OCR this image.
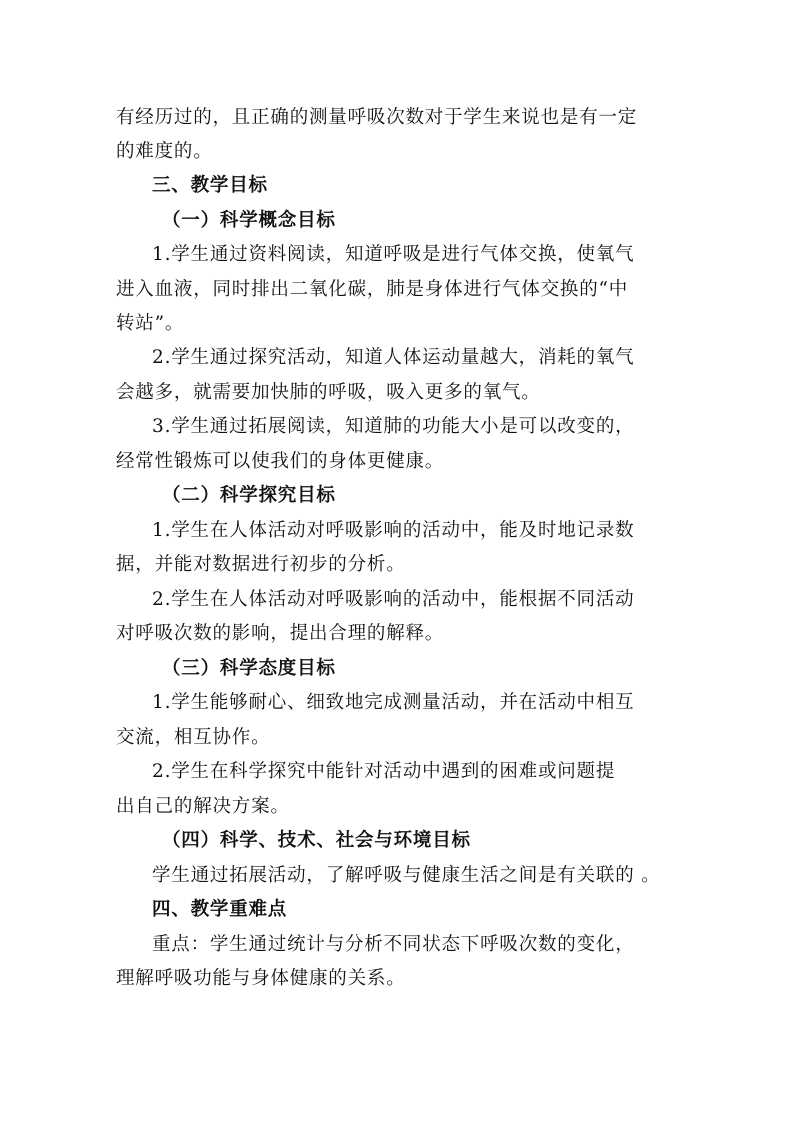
有经历过的，且正确的测量呼吸次数对于学生来说也是有一定
的难度的。
三、教学目标
（一）科学概念目标
1.学生通过资料阅读，知道呼吸是进行气体交换，使氧气
进入血液，同时排出二氧化碳，肺是身体进行气体交换的“中
转站”。
2.学生通过探究活动，知道人体运动量越大，消耗的氧气
会越多，就需要加快肺的呼吸，吸入更多的氧气。
3.学生通过拓展阅读，知道肺的功能大小是可以改变的，
经常性锻炼可以使我们的身体更健康。
（二）科学探究目标
1.学生在人体活动对呼吸影响的活动中，能及时地记录数
据，并能对数据进行初步的分析。
2.学生在人体活动对呼吸影响的活动中，能根据不同活动
对呼吸次数的影响，提出合理的解释。
（三）科学态度目标
1.学生能够耐心、细致地完成测量活动，并在活动中相互
交流，相互协作。
2.学生在科学探究中能针对活动中遇到的困难或问题提
出自己的解决方案。
（四）科学、技术、社会与环境目标
学生通过拓展活动，了解呼吸与健康生活之间是有关联的 。
四、教学重难点
重点：学生通过统计与分析不同状态下呼吸次数的变化，
理解呼吸功能与身体健康的关系。
